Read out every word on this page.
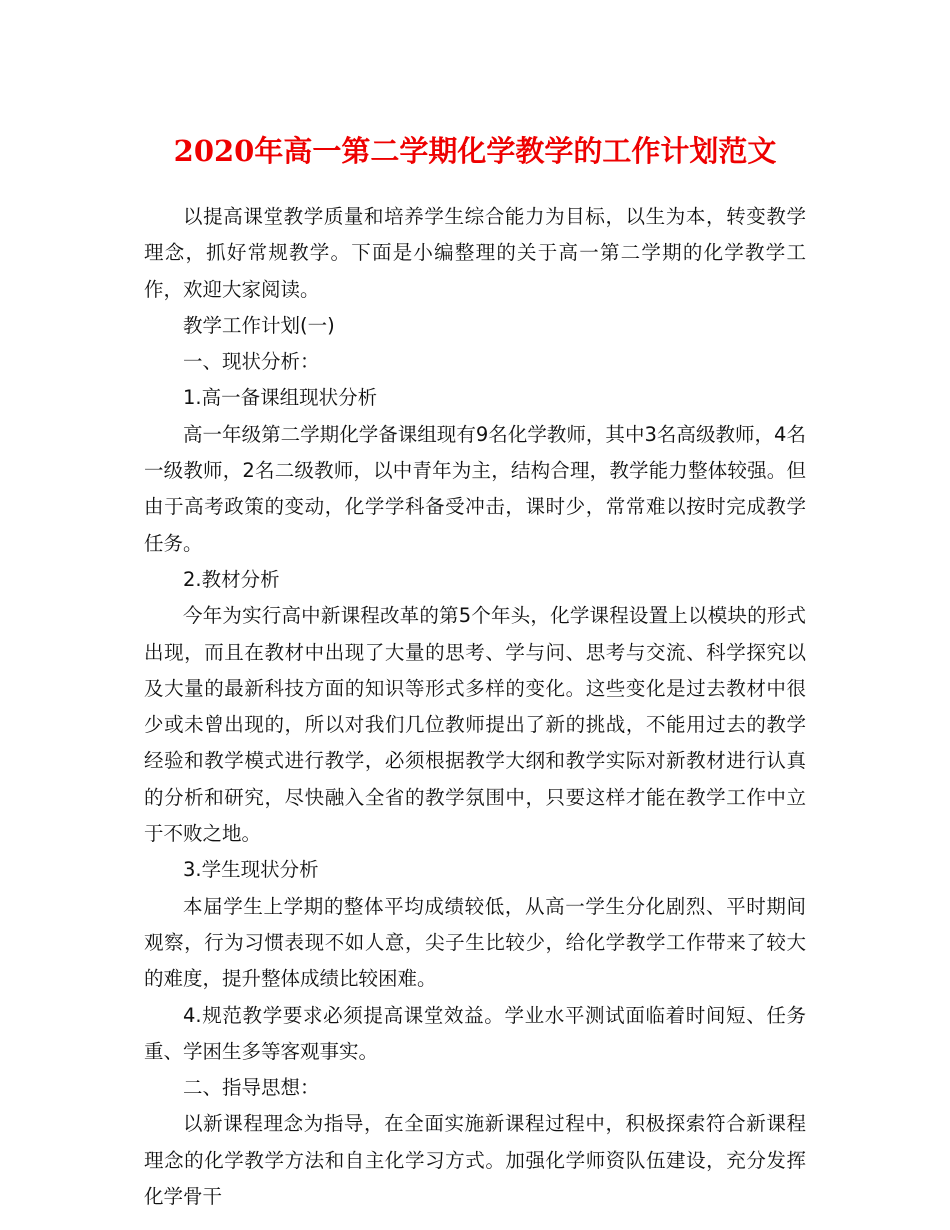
2020年高一第二学期化学教学的工作计划范文

以提高课堂教学质量和培养学生综合能力为目标，以生为本，转变教学理念，抓好常规教学。下面是小编整理的关于高一第二学期的化学教学工作，欢迎大家阅读。

教学工作计划(一)

一、现状分析：

1.高一备课组现状分析

高一年级第二学期化学备课组现有9名化学教师，其中3名高级教师，4名一级教师，2名二级教师，以中青年为主，结构合理，教学能力整体较强。但由于高考政策的变动，化学学科备受冲击，课时少，常常难以按时完成教学任务。

2.教材分析

今年为实行高中新课程改革的第5个年头，化学课程设置上以模块的形式出现，而且在教材中出现了大量的思考、学与问、思考与交流、科学探究以及大量的最新科技方面的知识等形式多样的变化。这些变化是过去教材中很少或未曾出现的，所以对我们几位教师提出了新的挑战，不能用过去的教学经验和教学模式进行教学，必须根据教学大纲和教学实际对新教材进行认真的分析和研究，尽快融入全省的教学氛围中，只要这样才能在教学工作中立于不败之地。

3.学生现状分析

本届学生上学期的整体平均成绩较低，从高一学生分化剧烈、平时期间观察，行为习惯表现不如人意，尖子生比较少，给化学教学工作带来了较大的难度，提升整体成绩比较困难。

4.规范教学要求必须提高课堂效益。学业水平测试面临着时间短、任务重、学困生多等客观事实。

二、指导思想：

以新课程理念为指导，在全面实施新课程过程中，积极探索符合新课程理念的化学教学方法和自主化学习方式。加强化学师资队伍建设，充分发挥化学骨干
